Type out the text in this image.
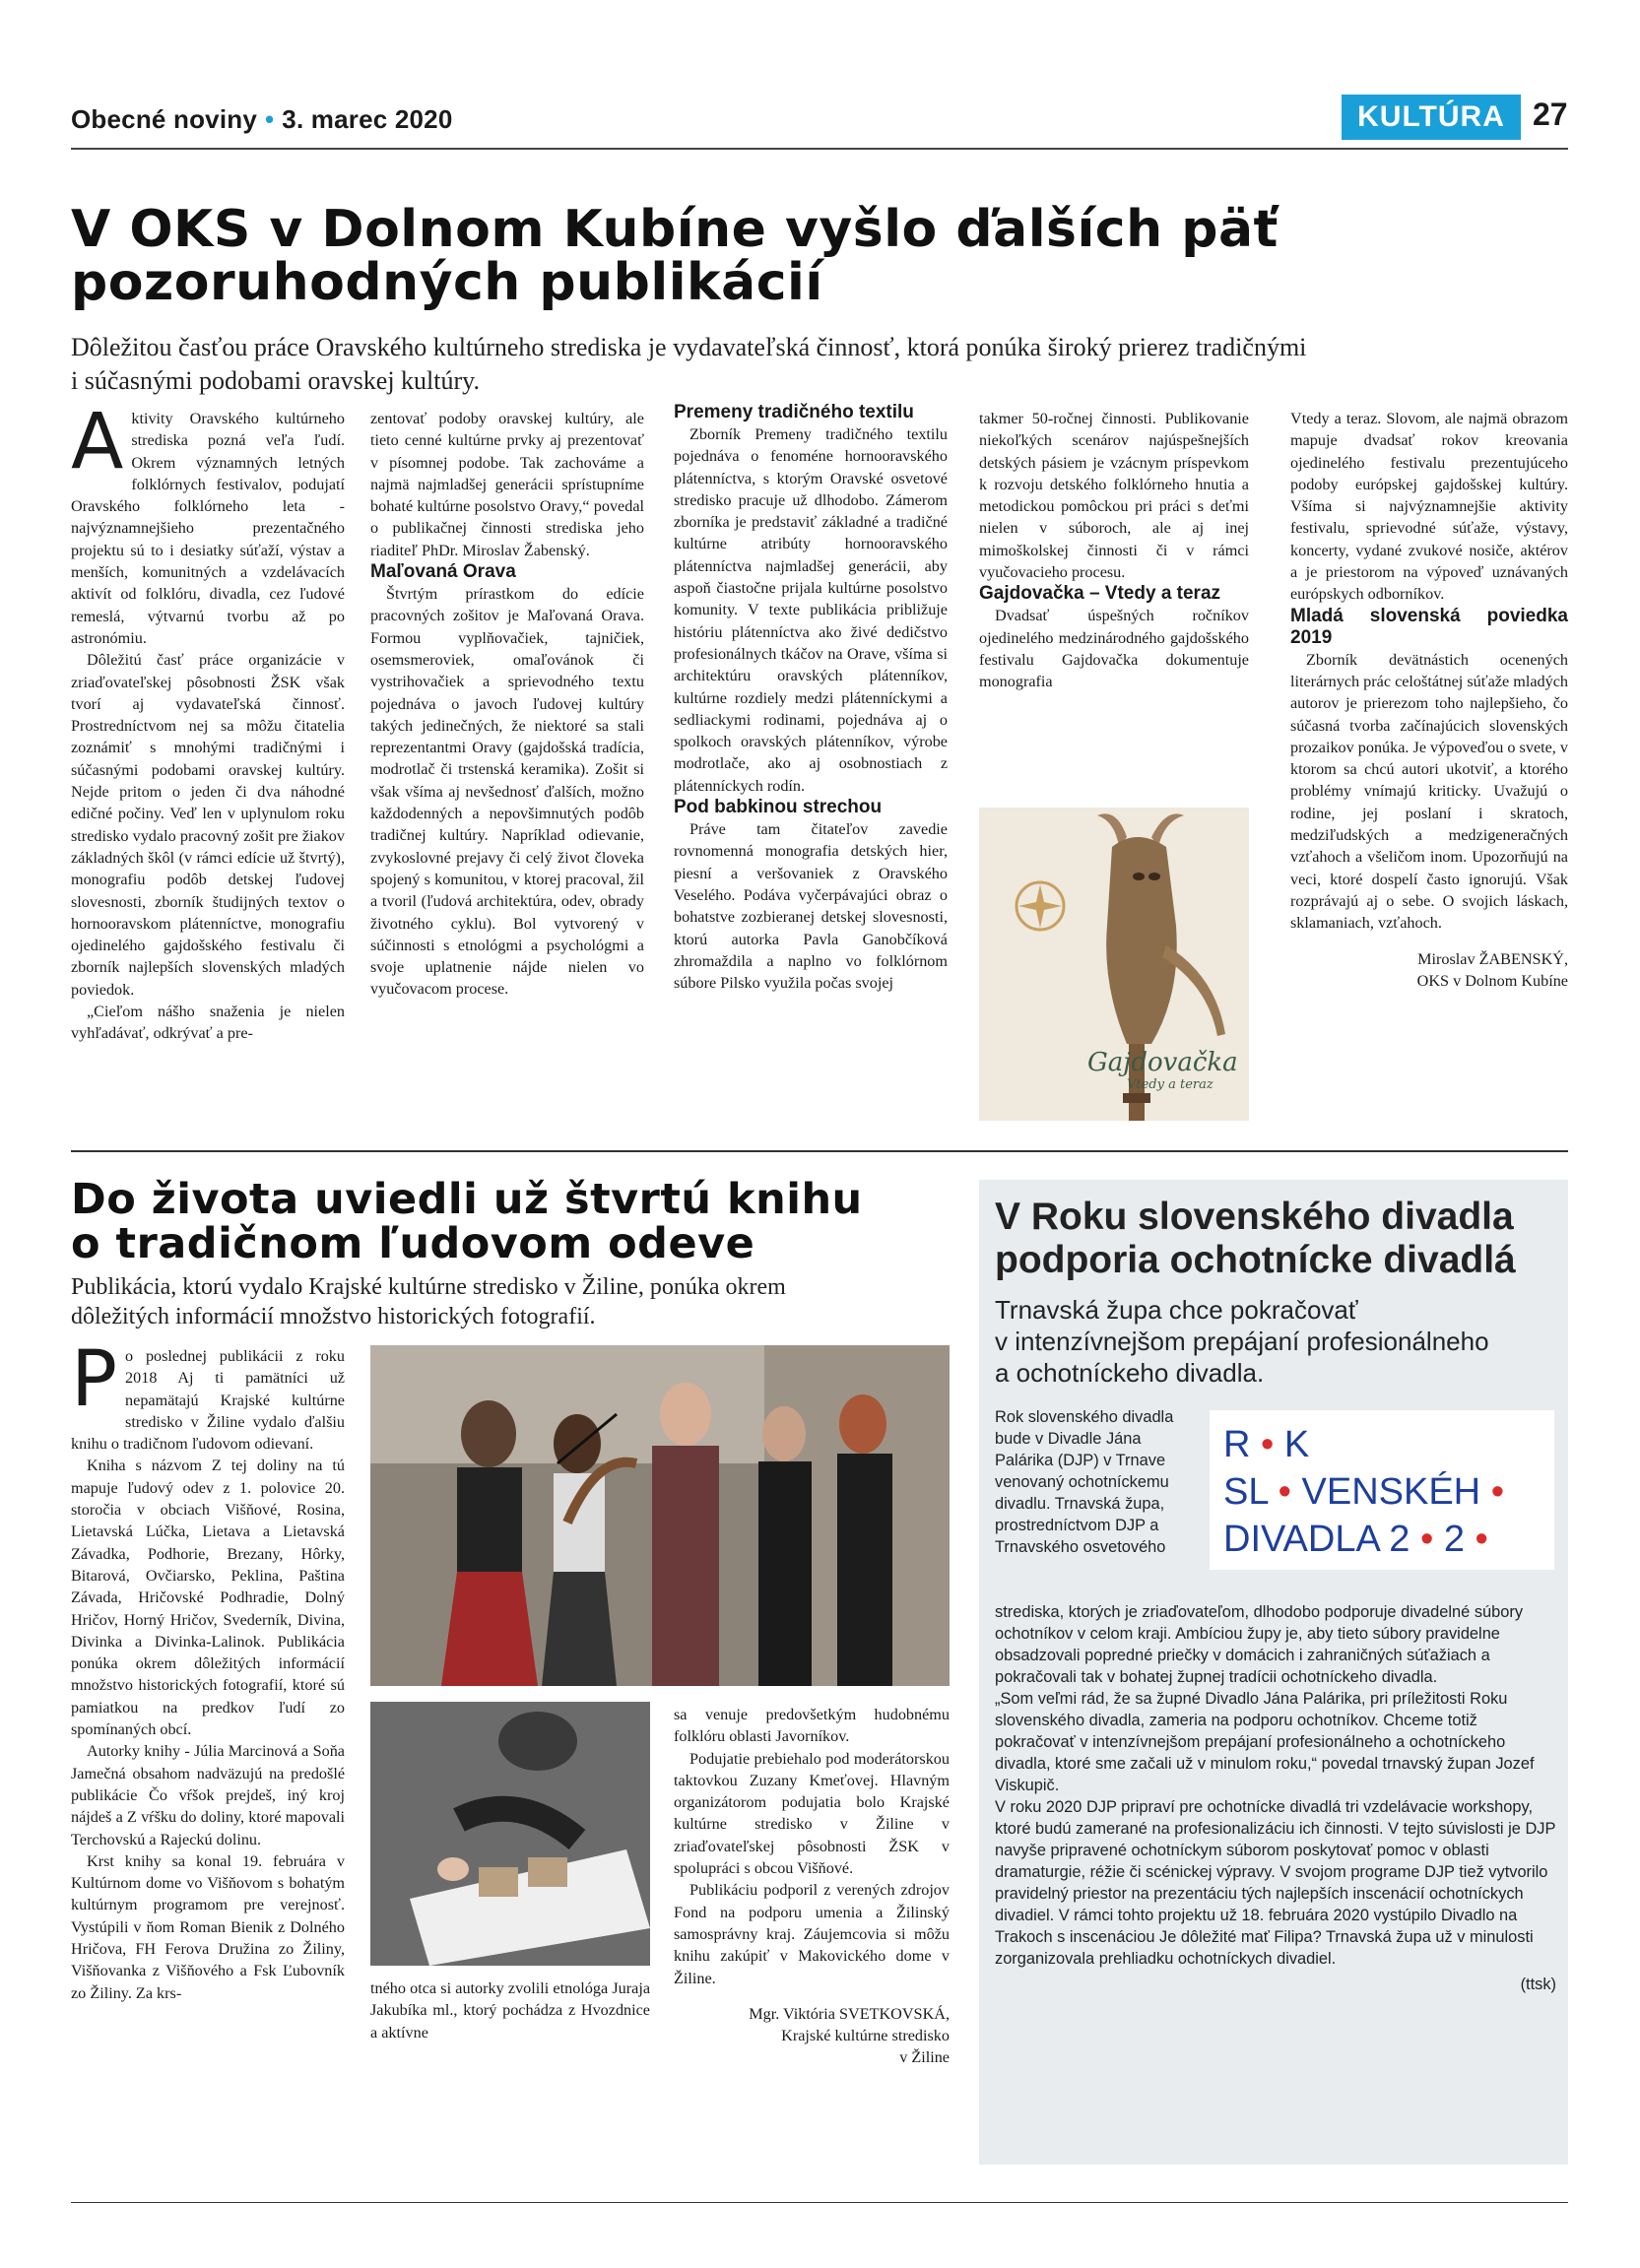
Obecné noviny • 3. marec 2020	KULTÚRA 27
V OKS v Dolnom Kubíne vyšlo ďalších päť
pozoruhodných publikácií
Dôležitou časťou práce Oravského kultúrneho strediska je vydavateľská činnosť, ktorá ponúka široký prierez tradičnými
i súčasnými podobami oravskej kultúry.

Aktivity Oravského kultúrneho strediska pozná veľa ľudí. Okrem významných letných folklórnych festivalov, podujatí Oravského folklórneho leta - najvýznamnejšieho prezentačného projektu sú to i desiatky súťaží, výstav a menších, komunitných a vzdelávacích aktivít od folklóru, divadla, cez ľudové remeslá, výtvarnú tvorbu až po astronómiu.

Dôležitú časť práce organizácie v zriaďovateľskej pôsobnosti ŽSK však tvorí aj vydavateľská činnosť. Prostredníctvom nej sa môžu čitatelia zoznámiť s mnohými tradičnými i súčasnými podobami oravskej kultúry. Nejde pritom o jeden či dva náhodné edičné počiny. Veď len v uplynulom roku stredisko vydalo pracovný zošit pre žiakov základných škôl (v rámci edície už štvrtý), monografiu podôb detskej ľudovej slovesnosti, zborník študijných textov o hornooravskom plátenníctve, monografiu ojedinelého gajdošského festivalu či zborník najlepších slovenských mladých poviedok.

„Cieľom nášho snaženia je nielen vyhľadávať, odkrývať a pre-

zentovať podoby oravskej kultúry, ale tieto cenné kultúrne prvky aj prezentovať v písomnej podobe. Tak zachováme a najmä najmladšej generácii sprístupníme bohaté kultúrne posolstvo Oravy,“ povedal o publikačnej činnosti strediska jeho riaditeľ PhDr. Miroslav Žabenský.

Maľovaná Orava

Štvrtým prírastkom do edície pracovných zošitov je Maľovaná Orava. Formou vyplňovačiek, tajničiek, osemsmeroviek, omaľovánok či vystrihovačiek a sprievodného textu pojednáva o javoch ľudovej kultúry takých jedinečných, že niektoré sa stali reprezentantmi Oravy (gajdošská tradícia, modrotlač či trstenská keramika). Zošit si však všíma aj nevšednosť ďalších, možno každodenných a nepovšimnutých podôb tradičnej kultúry. Napríklad odievanie, zvykoslovné prejavy či celý život človeka spojený s komunitou, v ktorej pracoval, žil a tvoril (ľudová architektúra, odev, obrady životného cyklu). Bol vytvorený v súčinnosti s etnológmi a psychológmi a svoje uplatnenie nájde nielen vo vyučovacom procese.

Premeny tradičného textilu

Zborník Premeny tradičného textilu pojednáva o fenoméne hornooravského plátenníctva, s ktorým Oravské osvetové stredisko pracuje už dlhodobo. Zámerom zborníka je predstaviť základné a tradičné kultúrne atribúty hornooravského plátenníctva najmladšej generácii, aby aspoň čiastočne prijala kultúrne posolstvo komunity. V texte publikácia približuje históriu plátenníctva ako živé dedičstvo profesionálnych tkáčov na Orave, všíma si architektúru oravských plátenníkov, kultúrne rozdiely medzi plátenníckymi a sedliackymi rodinami, pojednáva aj o spolkoch oravských plátenníkov, výrobe modrotlače, ako aj osobnostiach z plátenníckych rodín.

Pod babkinou strechou

Práve tam čitateľov zavedie rovnomenná monografia detských hier, piesní a veršovaniek z Oravského Veselého. Podáva vyčerpávajúci obraz o bohatstve zozbieranej detskej slovesnosti, ktorú autorka Pavla Ganobčíková zhromaždila a naplno vo folklórnom súbore Pilsko využila počas svojej

takmer 50-ročnej činnosti. Publikovanie niekoľkých scenárov najúspešnejších detských pásiem je vzácnym príspevkom k rozvoju detského folklórneho hnutia a metodickou pomôckou pri práci s deťmi nielen v súboroch, ale aj inej mimoškolskej činnosti či v rámci vyučovacieho procesu.

Gajdovačka – Vtedy a teraz

Dvadsať úspešných ročníkov ojedinelého medzinárodného gajdošského festivalu Gajdovačka dokumentuje monografia

Gajdovačka
Vtedy a teraz

Vtedy a teraz. Slovom, ale najmä obrazom mapuje dvadsať rokov kreovania ojedinelého festivalu prezentujúceho podoby európskej gajdošskej kultúry. Všíma si najvýznamnejšie aktivity festivalu, sprievodné súťaže, výstavy, koncerty, vydané zvukové nosiče, aktérov a je priestorom na výpoveď uznávaných európskych odborníkov.

Mladá slovenská poviedka 2019

Zborník devätnástich ocenených literárnych prác celoštátnej súťaže mladých autorov je prierezom toho najlepšieho, čo súčasná tvorba začínajúcich slovenských prozaikov ponúka. Je výpoveďou o svete, v ktorom sa chcú autori ukotviť, a ktorého problémy vnímajú kriticky. Uvažujú o rodine, jej poslaní i skratoch, medziľudských a medzigeneračných vzťahoch a všeličom inom. Upozorňujú na veci, ktoré dospelí často ignorujú. Však rozprávajú aj o sebe. O svojich láskach, sklamaniach, vzťahoch.

Miroslav ŽABENSKÝ,

OKS v Dolnom Kubíne

Do života uviedli už štvrtú knihu
o tradičnom ľudovom odeve
Publikácia, ktorú vydalo Krajské kultúrne stredisko v Žiline, ponúka okrem
dôležitých informácií množstvo historických fotografií.

Po poslednej publikácii z roku 2018 Aj ti pamätníci už nepamätajú Krajské kultúrne stredisko v Žiline vydalo ďalšiu knihu o tradičnom ľudovom odievaní.

Kniha s názvom Z tej doliny na tú mapuje ľudový odev z 1. polovice 20. storočia v obciach Višňové, Rosina, Lietavská Lúčka, Lietava a Lietavská Závadka, Podhorie, Brezany, Hôrky, Bitarová, Ovčiarsko, Peklina, Paština Závada, Hričovské Podhradie, Dolný Hričov, Horný Hričov, Svederník, Divina, Divinka a Divinka-Lalinok. Publikácia ponúka okrem dôležitých informácií množstvo historických fotografií, ktoré sú pamiatkou na predkov ľudí zo spomínaných obcí.

Autorky knihy - Júlia Marcinová a Soňa Jamečná obsahom nadväzujú na predošlé publikácie Čo vŕšok prejdeš, iný kroj nájdeš a Z vŕšku do doliny, ktoré mapovali Terchovskú a Rajeckú dolinu.

Krst knihy sa konal 19. februára v Kultúrnom dome vo Višňovom s bohatým kultúrnym programom pre verejnosť. Vystúpili v ňom Roman Bienik z Dolného Hričova, FH Ferova Družina zo Žiliny, Višňovanka z Višňového a Fsk Ľubovník zo Žiliny. Za krs-	tného otca si autorky zvolili etnológa Juraja Jakubíka ml., ktorý pochádza z Hvozdnice a aktívne

sa venuje predovšetkým hudobnému folklóru oblasti Javorníkov.

Podujatie prebiehalo pod moderátorskou taktovkou Zuzany Kmeťovej. Hlavným organizátorom podujatia bolo Krajské kultúrne stredisko v Žiline v zriaďovateľskej pôsobnosti ŽSK v spolupráci s obcou Višňové.

Publikáciu podporil z verených zdrojov Fond na podporu umenia a Žilinský samosprávny kraj. Záujemcovia si môžu knihu zakúpiť v Makovického dome v Žiline.

Mgr. Viktória SVETKOVSKÁ,

Krajské kultúrne stredisko

v Žiline

V Roku slovenského divadla
podporia ochotnícke divadlá
Trnavská župa chce pokračovať
v intenzívnejšom prepájaní profesionálneho
a ochotníckeho divadla.
Rok slovenského divadla bude v Divadle Jána Palárika (DJP) v Trnave venovaný ochotníckemu divadlu. Trnavská župa, prostredníctvom DJP a Trnavského osvetového
R • K
SL • VENSKÉH •
DIVADLA 2 • 2 •
strediska, ktorých je zriaďovateľom, dlhodobo podporuje divadelné súbory ochotníkov v celom kraji. Ambíciou župy je, aby tieto súbory pravidelne obsadzovali popredné priečky v domácich i zahraničných súťažiach a pokračovali tak v bohatej župnej tradícii ochotníckeho divadla.
„Som veľmi rád, že sa župné Divadlo Jána Palárika, pri príležitosti Roku slovenského divadla, zameria na podporu ochotníkov. Chceme totiž pokračovať v intenzívnejšom prepájaní profesionálneho a ochotníckeho divadla, ktoré sme začali už v minulom roku,“ povedal trnavský župan Jozef Viskupič.
V roku 2020 DJP pripraví pre ochotnícke divadlá tri vzdelávacie workshopy, ktoré budú zamerané na profesionalizáciu ich činnosti. V tejto súvislosti je DJP navyše pripravené ochotníckym súborom poskytovať pomoc v oblasti dramaturgie, réžie či scénickej výpravy. V svojom programe DJP tiež vytvorilo pravidelný priestor na prezentáciu tých najlepších inscenácií ochotníckych divadiel. V rámci tohto projektu už 18. februára 2020 vystúpilo Divadlo na Trakoch s inscenáciou Je dôležité mať Filipa? Trnavská župa už v minulosti zorganizovala prehliadku ochotníckych divadiel.
(ttsk)
